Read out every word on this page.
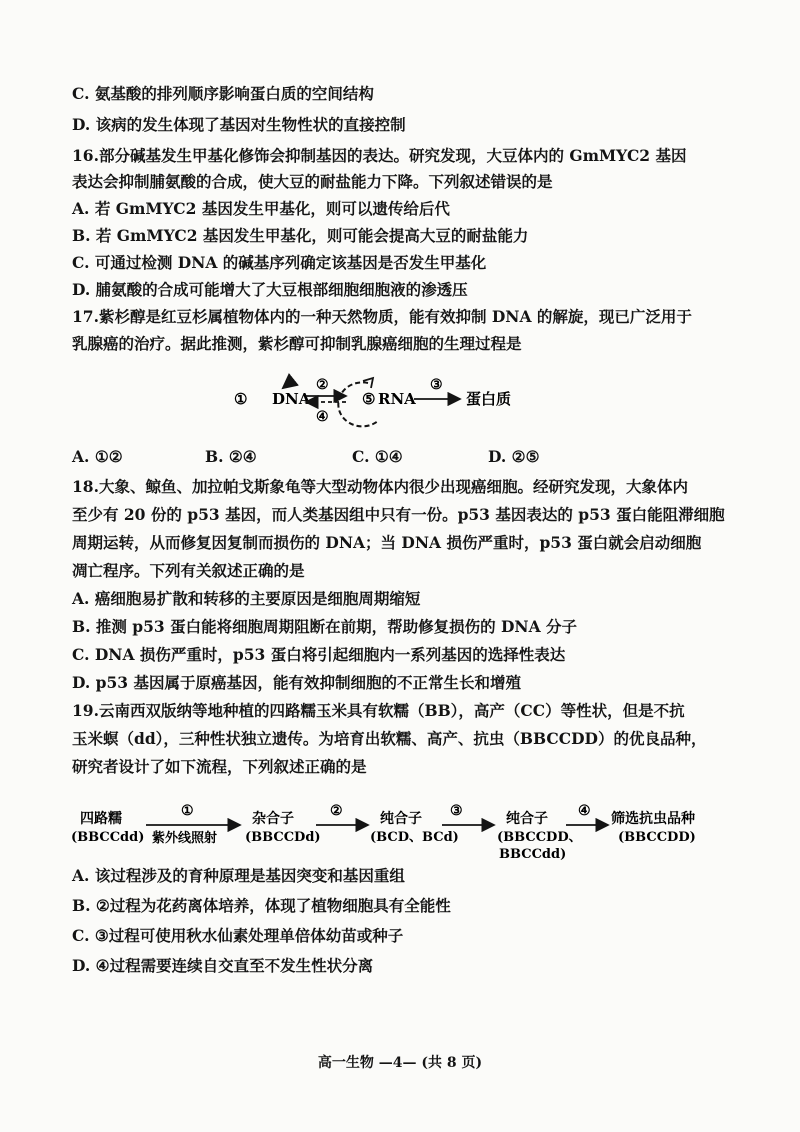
C. 氨基酸的排列顺序影响蛋白质的空间结构
D. 该病的发生体现了基因对生物性状的直接控制
16.部分碱基发生甲基化修饰会抑制基因的表达。研究发现，大豆体内的 GmMYC2 基因
表达会抑制脯氨酸的合成，使大豆的耐盐能力下降。下列叙述错误的是
A. 若 GmMYC2 基因发生甲基化，则可以遗传给后代
B. 若 GmMYC2 基因发生甲基化，则可能会提高大豆的耐盐能力
C. 可通过检测 DNA 的碱基序列确定该基因是否发生甲基化
D. 脯氨酸的合成可能增大了大豆根部细胞细胞液的渗透压
17.紫杉醇是红豆杉属植物体内的一种天然物质，能有效抑制 DNA 的解旋，现已广泛用于
乳腺癌的治疗。据此推测，紫杉醇可抑制乳腺癌细胞的生理过程是
① DNA
②
④
⑤ RNA
③
蛋白质
A. ①②	B. ②④	C. ①④	D. ②⑤
18.大象、鲸鱼、加拉帕戈斯象龟等大型动物体内很少出现癌细胞。经研究发现，大象体内
至少有 20 份的 p53 基因，而人类基因组中只有一份。p53 基因表达的 p53 蛋白能阻滞细胞
周期运转，从而修复因复制而损伤的 DNA；当 DNA 损伤严重时，p53 蛋白就会启动细胞
凋亡程序。下列有关叙述正确的是
A. 癌细胞易扩散和转移的主要原因是细胞周期缩短
B. 推测 p53 蛋白能将细胞周期阻断在前期，帮助修复损伤的 DNA 分子
C. DNA 损伤严重时，p53 蛋白将引起细胞内一系列基因的选择性表达
D. p53 基因属于原癌基因，能有效抑制细胞的不正常生长和增殖
19.云南西双版纳等地种植的四路糯玉米具有软糯（BB），高产（CC）等性状，但是不抗
玉米螟（dd），三种性状独立遗传。为培育出软糯、高产、抗虫（BBCCDD）的优良品种，
研究者设计了如下流程，下列叙述正确的是
四路糯
(BBCCdd)
①
紫外线照射
杂合子
(BBCCDd)
②	纯合子
(BCD、BCd)
③	纯合子
(BBCCDD、
BBCCdd)
④ 筛选抗虫品种
(BBCCDD)
A. 该过程涉及的育种原理是基因突变和基因重组
B. ②过程为花药离体培养，体现了植物细胞具有全能性
C. ③过程可使用秋水仙素处理单倍体幼苗或种子
D. ④过程需要连续自交直至不发生性状分离
高一生物 —4— (共 8 页)
